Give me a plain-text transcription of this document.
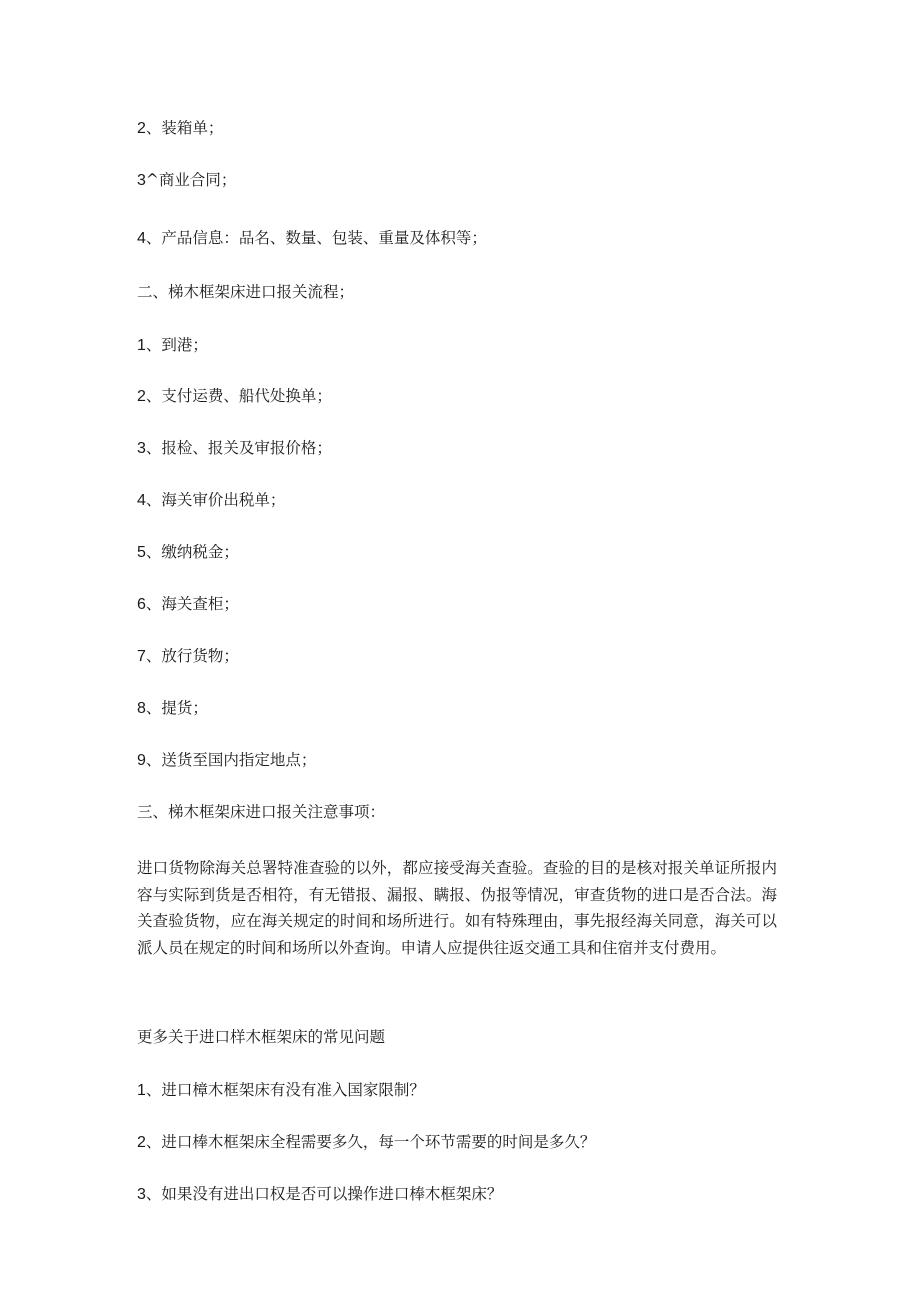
2、装箱单；
3^商业合同；
4、产品信息：品名、数量、包装、重量及体积等；
二、梯木框架床进口报关流程；
1、到港；
2、支付运费、船代处换单；
3、报检、报关及审报价格；
4、海关审价出税单；
5、缴纳税金；
6、海关查柜；
7、放行货物；
8、提货；
9、送货至国内指定地点；
三、梯木框架床进口报关注意事项：
进口货物除海关总署特准查验的以外，都应接受海关查验。查验的目的是核对报关单证所报内容与实际到货是否相符，有无错报、漏报、瞒报、伪报等情况，审查货物的进口是否合法。海关查验货物，应在海关规定的时间和场所进行。如有特殊理由，事先报经海关同意，海关可以派人员在规定的时间和场所以外查询。申请人应提供往返交通工具和住宿并支付费用。
更多关于进口样木框架床的常见问题
1、进口樟木框架床有没有准入国家限制？
2、进口棒木框架床全程需要多久，每一个环节需要的时间是多久？
3、如果没有进出口权是否可以操作进口棒木框架床？
